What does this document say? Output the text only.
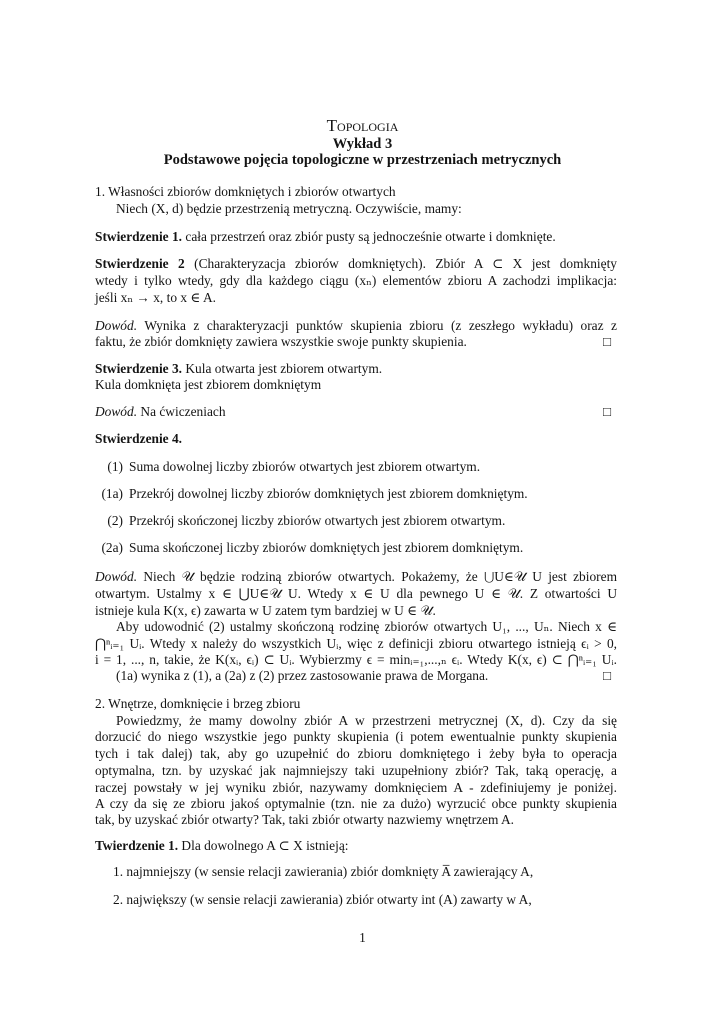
Topologia
Wykład 3
Podstawowe pojęcia topologiczne w przestrzeniach metrycznych
1. Własności zbiorów domkniętych i zbiorów otwartych
Niech (X, d) będzie przestrzenią metryczną. Oczywiście, mamy:
Stwierdzenie 1. cała przestrzeń oraz zbiór pusty są jednocześnie otwarte i domknięte.
Stwierdzenie 2 (Charakteryzacja zbiorów domkniętych). Zbiór A ⊂ X jest domknięty
wtedy i tylko wtedy, gdy dla każdego ciągu (xₙ) elementów zbioru A zachodzi implikacja:
jeśli xₙ → x, to x ∈ A.
Dowód. Wynika z charakteryzacji punktów skupienia zbioru (z zeszłego wykładu) oraz z
faktu, że zbiór domknięty zawiera wszystkie swoje punkty skupienia.	□
Stwierdzenie 3. Kula otwarta jest zbiorem otwartym.
Kula domknięta jest zbiorem domkniętym
Dowód. Na ćwiczeniach	□
Stwierdzenie 4.
(1) Suma dowolnej liczby zbiorów otwartych jest zbiorem otwartym.
(1a) Przekrój dowolnej liczby zbiorów domkniętych jest zbiorem domkniętym.
(2) Przekrój skończonej liczby zbiorów otwartych jest zbiorem otwartym.
(2a) Suma skończonej liczby zbiorów domkniętych jest zbiorem domkniętym.
Dowód. Niech 𝒰 będzie rodziną zbiorów otwartych. Pokażemy, że ⋃U∈𝒰 U jest zbiorem
otwartym. Ustalmy x ∈ ⋃U∈𝒰 U. Wtedy x ∈ U dla pewnego U ∈ 𝒰. Z otwartości U
istnieje kula K(x, ϵ) zawarta w U zatem tym bardziej w U ∈ 𝒰.
Aby udowodnić (2) ustalmy skończoną rodzinę zbiorów otwartych U₁, ..., Uₙ. Niech x ∈
⋂ⁿᵢ₌₁ Uᵢ. Wtedy x należy do wszystkich Uᵢ, więc z definicji zbioru otwartego istnieją ϵᵢ > 0,
i = 1, ..., n, takie, że K(xᵢ, ϵᵢ) ⊂ Uᵢ. Wybierzmy ϵ = minᵢ₌₁,...,ₙ ϵᵢ. Wtedy K(x, ϵ) ⊂ ⋂ⁿᵢ₌₁ Uᵢ.
(1a) wynika z (1), a (2a) z (2) przez zastosowanie prawa de Morgana.	□
2. Wnętrze, domknięcie i brzeg zbioru
Powiedzmy, że mamy dowolny zbiór A w przestrzeni metrycznej (X, d). Czy da się
dorzucić do niego wszystkie jego punkty skupienia (i potem ewentualnie punkty skupienia
tych i tak dalej) tak, aby go uzupełnić do zbioru domkniętego i żeby była to operacja
optymalna, tzn. by uzyskać jak najmniejszy taki uzupełniony zbiór? Tak, taką operację, a
raczej powstały w jej wyniku zbiór, nazywamy domknięciem A - zdefiniujemy je poniżej.
A czy da się ze zbioru jakoś optymalnie (tzn. nie za dużo) wyrzucić obce punkty skupienia
tak, by uzyskać zbiór otwarty? Tak, taki zbiór otwarty nazwiemy wnętrzem A.
Twierdzenie 1. Dla dowolnego A ⊂ X istnieją:
1. najmniejszy (w sensie relacji zawierania) zbiór domknięty A̅ zawierający A,
2. największy (w sensie relacji zawierania) zbiór otwarty int (A) zawarty w A,
1
